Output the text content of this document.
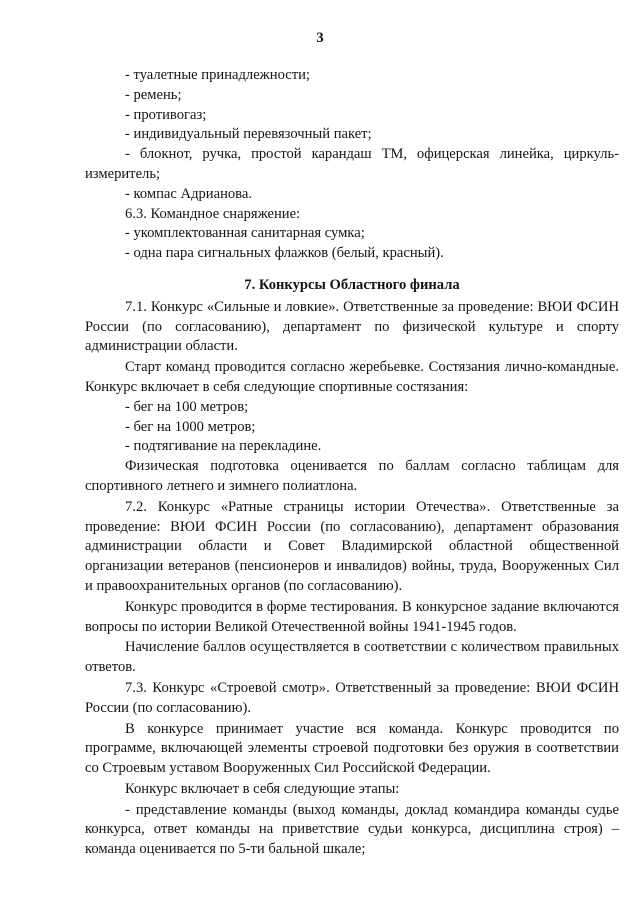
3

- туалетные принадлежности;

- ремень;

- противогаз;

- индивидуальный перевязочный пакет;

- блокнот, ручка, простой карандаш ТМ, офицерская линейка, циркуль-измеритель;

- компас Адрианова.

6.3. Командное снаряжение:

- укомплектованная санитарная сумка;

- одна пара сигнальных флажков (белый, красный).

7. Конкурсы Областного финала

7.1. Конкурс «Сильные и ловкие». Ответственные за проведение: ВЮИ ФСИН России (по согласованию), департамент по физической культуре и спорту администрации области.

Старт команд проводится согласно жеребьевке. Состязания лично-командные. Конкурс включает в себя следующие спортивные состязания:

- бег на 100 метров;

- бег на 1000 метров;

- подтягивание на перекладине.

Физическая подготовка оценивается по баллам согласно таблицам для спортивного летнего и зимнего полиатлона.

7.2. Конкурс «Ратные страницы истории Отечества». Ответственные за проведение: ВЮИ ФСИН России (по согласованию), департамент образования администрации области и Совет Владимирской областной общественной организации ветеранов (пенсионеров и инвалидов) войны, труда, Вооруженных Сил и правоохранительных органов (по согласованию).

Конкурс проводится в форме тестирования. В конкурсное задание включаются вопросы по истории Великой Отечественной войны 1941-1945 годов.

Начисление баллов осуществляется в соответствии с количеством правильных ответов.

7.3. Конкурс «Строевой смотр». Ответственный за проведение: ВЮИ ФСИН России (по согласованию).

В конкурсе принимает участие вся команда. Конкурс проводится по программе, включающей элементы строевой подготовки без оружия в соответствии со Строевым уставом Вооруженных Сил Российской Федерации.

Конкурс включает в себя следующие этапы:

- представление команды (выход команды, доклад командира команды судье конкурса, ответ команды на приветствие судьи конкурса, дисциплина строя) – команда оценивается по 5-ти бальной шкале;
